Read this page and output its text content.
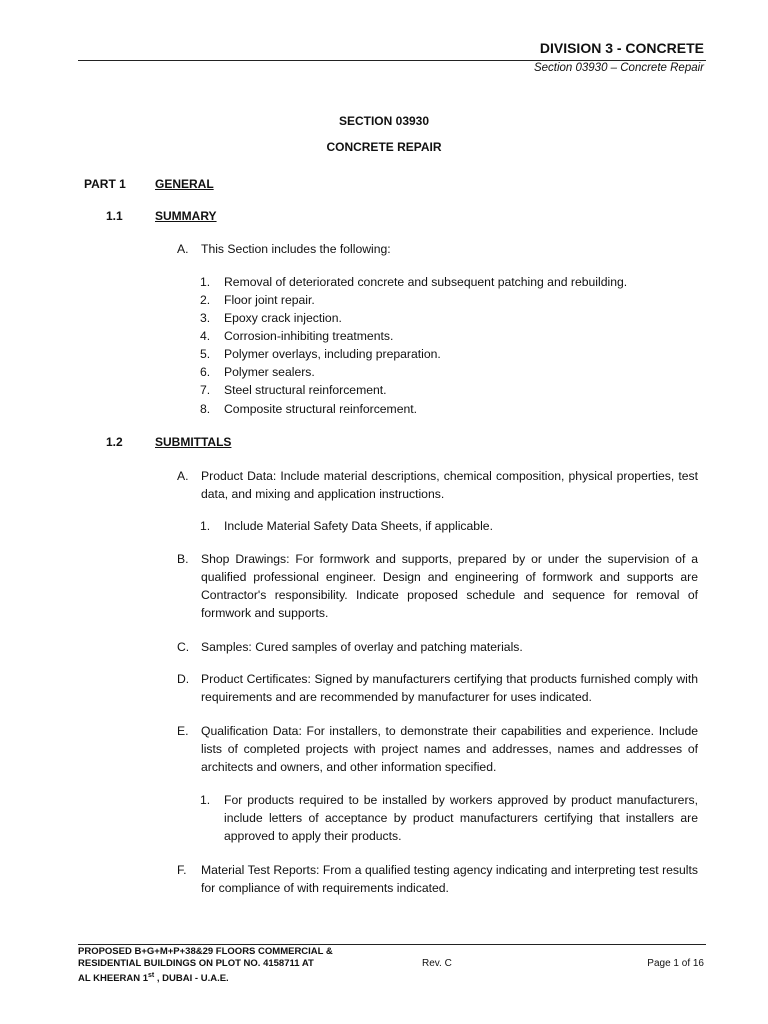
DIVISION 3 - CONCRETE
Section 03930 – Concrete Repair
SECTION 03930
CONCRETE REPAIR
PART 1 GENERAL
1.1	SUMMARY
A. This Section includes the following:
1. Removal of deteriorated concrete and subsequent patching and rebuilding.
2. Floor joint repair.
3. Epoxy crack injection.
4. Corrosion-inhibiting treatments.
5. Polymer overlays, including preparation.
6. Polymer sealers.
7. Steel structural reinforcement.
8. Composite structural reinforcement.
1.2	SUBMITTALS
A. Product Data: Include material descriptions, chemical composition, physical properties, test data, and mixing and application instructions.
1. Include Material Safety Data Sheets, if applicable.
B. Shop Drawings: For formwork and supports, prepared by or under the supervision of a qualified professional engineer. Design and engineering of formwork and supports are Contractor's responsibility. Indicate proposed schedule and sequence for removal of formwork and supports.
C. Samples: Cured samples of overlay and patching materials.
D. Product Certificates: Signed by manufacturers certifying that products furnished comply with requirements and are recommended by manufacturer for uses indicated.
E. Qualification Data: For installers, to demonstrate their capabilities and experience. Include lists of completed projects with project names and addresses, names and addresses of architects and owners, and other information specified.
1. For products required to be installed by workers approved by product manufacturers, include letters of acceptance by product manufacturers certifying that installers are approved to apply their products.
F. Material Test Reports: From a qualified testing agency indicating and interpreting test results for compliance of with requirements indicated.
PROPOSED B+G+M+P+38&29 FLOORS COMMERCIAL &
RESIDENTIAL BUILDINGS ON PLOT NO. 4158711 AT
AL KHEERAN 1st , DUBAI - U.A.E.
Rev. C	Page 1 of 16
